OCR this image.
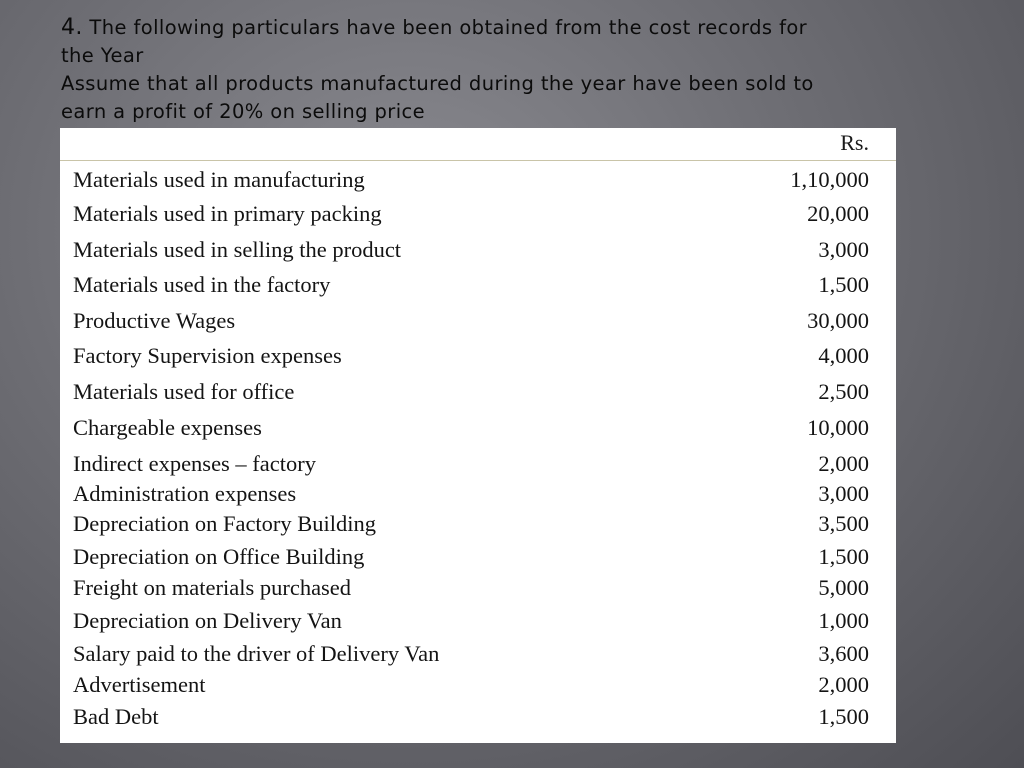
4. The following particulars have been obtained from the cost records for

the Year

Assume that all products manufactured during the year have been sold to

earn a profit of 20% on selling price

Rs.
Materials used in manufacturing	1,10,000
Materials used in primary packing	20,000
Materials used in selling the product	3,000
Materials used in the factory	1,500
Productive Wages	30,000
Factory Supervision expenses	4,000
Materials used for office	2,500
Chargeable expenses	10,000
Indirect expenses – factory	2,000
Administration expenses	3,000
Depreciation on Factory Building	3,500
Depreciation on Office Building	1,500
Freight on materials purchased	5,000
Depreciation on Delivery Van	1,000
Salary paid to the driver of Delivery Van	3,600
Advertisement	2,000
Bad Debt	1,500
